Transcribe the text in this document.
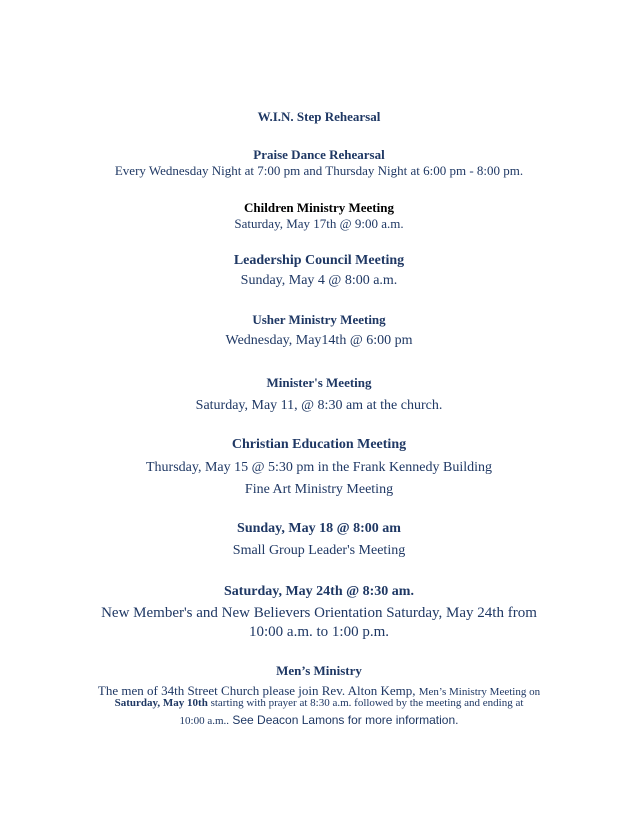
W.I.N. Step Rehearsal
Praise Dance Rehearsal
Every Wednesday Night at 7:00 pm and Thursday Night at 6:00 pm - 8:00 pm.
Children Ministry Meeting
Saturday, May 17th @ 9:00 a.m.
Leadership Council Meeting
Sunday, May 4 @ 8:00 a.m.
Usher Ministry Meeting
Wednesday, May14th @ 6:00 pm
Minister's Meeting
Saturday, May 11, @ 8:30 am at the church.
Christian Education Meeting
Thursday, May 15 @ 5:30 pm in the Frank Kennedy Building
Fine Art Ministry Meeting
Sunday, May 18 @ 8:00 am
Small Group Leader's Meeting
Saturday, May 24th @ 8:30 am.
New Member's and New Believers Orientation Saturday, May 24th from
10:00 a.m. to 1:00 p.m.
Men’s Ministry
The men of 34th Street Church please join Rev. Alton Kemp, Men’s Ministry Meeting on
Saturday, May 10th starting with prayer at 8:30 a.m. followed by the meeting and ending at
10:00 a.m.. See Deacon Lamons for more information.
